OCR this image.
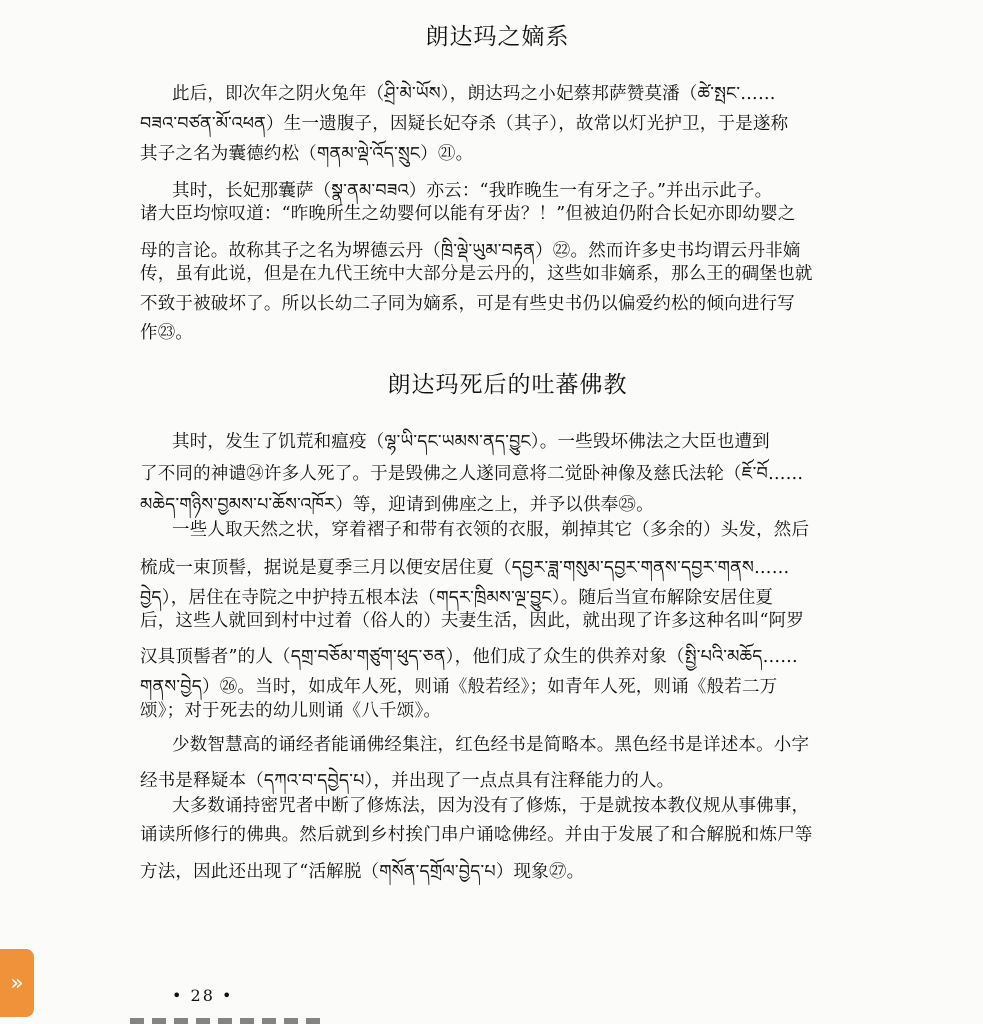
朗达玛之嫡系
此后，即次年之阴火兔年（ཤྲི་མེ་ཡོས），朗达玛之小妃蔡邦萨赞莫潘（ཚེ་སྤང་……
བཟའ་བཙན་མོ་འཕན）生一遗腹子，因疑长妃夺杀（其子），故常以灯光护卫，于是遂称
其子之名为囊德约松（གནམ་ལྡེ་འོད་སྲུང）㉑。
其时，长妃那囊萨（སྣ་ནམ་བཟའ）亦云：“我昨晚生一有牙之子。”并出示此子。
诸大臣均惊叹道：“昨晚所生之幼婴何以能有牙齿？！”但被迫仍附合长妃亦即幼婴之
母的言论。故称其子之名为堺德云丹（ཁྲི་ལྡེ་ཡུམ་བརྟན）㉒。然而许多史书均谓云丹非嫡
传，虽有此说，但是在九代王统中大部分是云丹的，这些如非嫡系，那么王的碉堡也就
不致于被破坏了。所以长幼二子同为嫡系，可是有些史书仍以偏爱约松的倾向进行写
作㉓。
朗达玛死后的吐蕃佛教
其时，发生了饥荒和瘟疫（ལྷ་ཡི་དང་ཡམས་ནད་བྱུང）。一些毁坏佛法之大臣也遭到
了不同的神谴㉔许多人死了。于是毁佛之人遂同意将二觉卧神像及慈氏法轮（ཇོ་བོ……
མཆེད་གཉིས་བྱམས་པ་ཆོས་འཁོར）等，迎请到佛座之上，并予以供奉㉕。
一些人取天然之状，穿着褶子和带有衣领的衣服，剃掉其它（多余的）头发，然后
梳成一束顶髻，据说是夏季三月以便安居住夏（དབྱར་ཟླ་གསུམ་དབྱར་གནས་དབྱར་གནས……
བྱེད），居住在寺院之中护持五根本法（གདར་ཁྲིམས་ལྔ་བྱུང）。随后当宣布解除安居住夏
后，这些人就回到村中过着（俗人的）夫妻生活，因此，就出现了许多这种名叫“阿罗
汉具顶髻者”的人（དགྲ་བཅོམ་གཙུག་ཕུད་ཅན），他们成了众生的供养对象（སྤྱི་པའི་མཆོད……
གནས་བྱེད）㉖。当时，如成年人死，则诵《般若经》；如青年人死，则诵《般若二万
颂》；对于死去的幼儿则诵《八千颂》。
少数智慧高的诵经者能诵佛经集注，红色经书是简略本。黑色经书是详述本。小字
经书是释疑本（དཀའ་བ་དབྱེད་པ），并出现了一点点具有注释能力的人。
大多数诵持密咒者中断了修炼法，因为没有了修炼，于是就按本教仪规从事佛事，
诵读所修行的佛典。然后就到乡村挨门串户诵唸佛经。并由于发展了和合解脱和炼尸等
方法，因此还出现了“活解脱（གསོན་དགྲོལ་བྱེད་པ）现象㉗。
• 28 •
»
